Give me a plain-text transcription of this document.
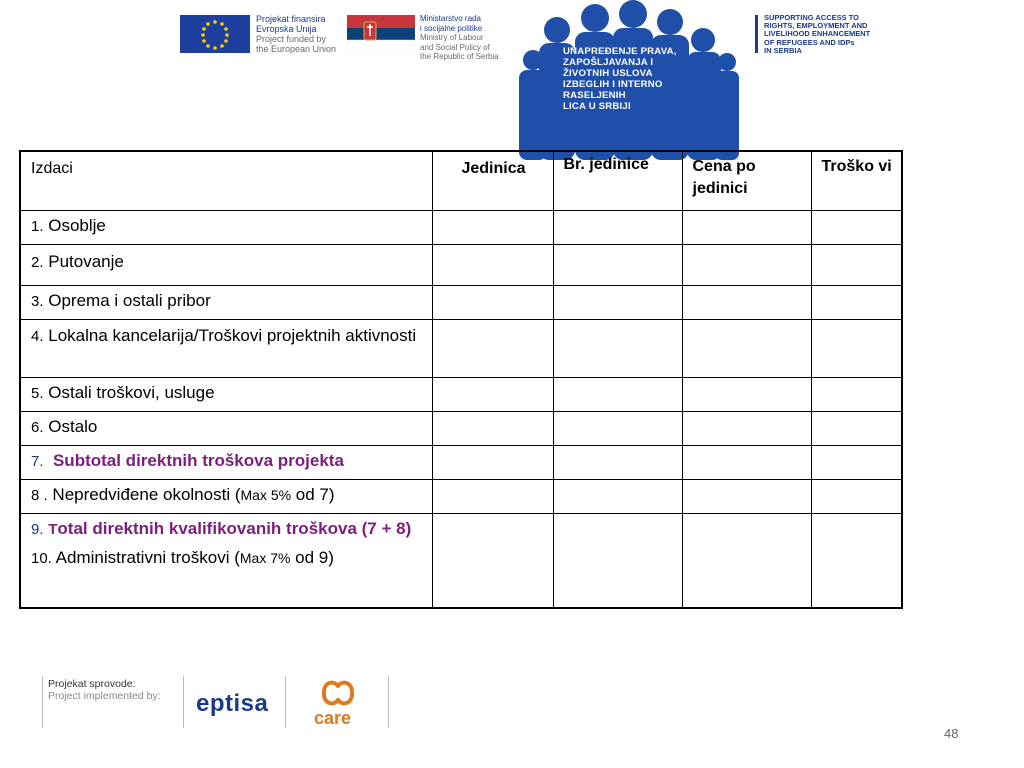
Projekat finansira
Evropska Unija
Project funded by
the European Union
Ministarstvo rada
i socijalne politike
Ministry of Labour
and Social Policy of
the Republic of Serbia	UNAPREĐENJE PRAVA,
ZAPOŠLJAVANJA I
ŽIVOTNIH USLOVA
IZBEGLIH I INTERNO
RASELJENIH
LICA U SRBIJI
SUPPORTING ACCESS TO
RIGHTS, EMPLOYMENT AND
LIVELIHOOD ENHANCEMENT
OF REFUGEES AND IDPs
IN SERBIA
Izdaci	Jedinica	Br. jedinice	Cena po jedinici	Troško vi
1. Osoblje				
2. Putovanje				
3. Oprema i ostali pribor				
4. Lokalna kancelarija/Troškovi projektnih aktivnosti				
5. Ostali troškovi, usluge				
6. Ostalo				
7. Subtotal direktnih troškova projekta				
8 . Nepredviđene okolnosti (Max 5% od 7)				

9. Total direktnih kvalifikovanih troškova (7 + 8)
10. Administrativni troškovi (Max 7% od 9)				

Projekat sprovode:
Project implemented by: eptisa
care
48
